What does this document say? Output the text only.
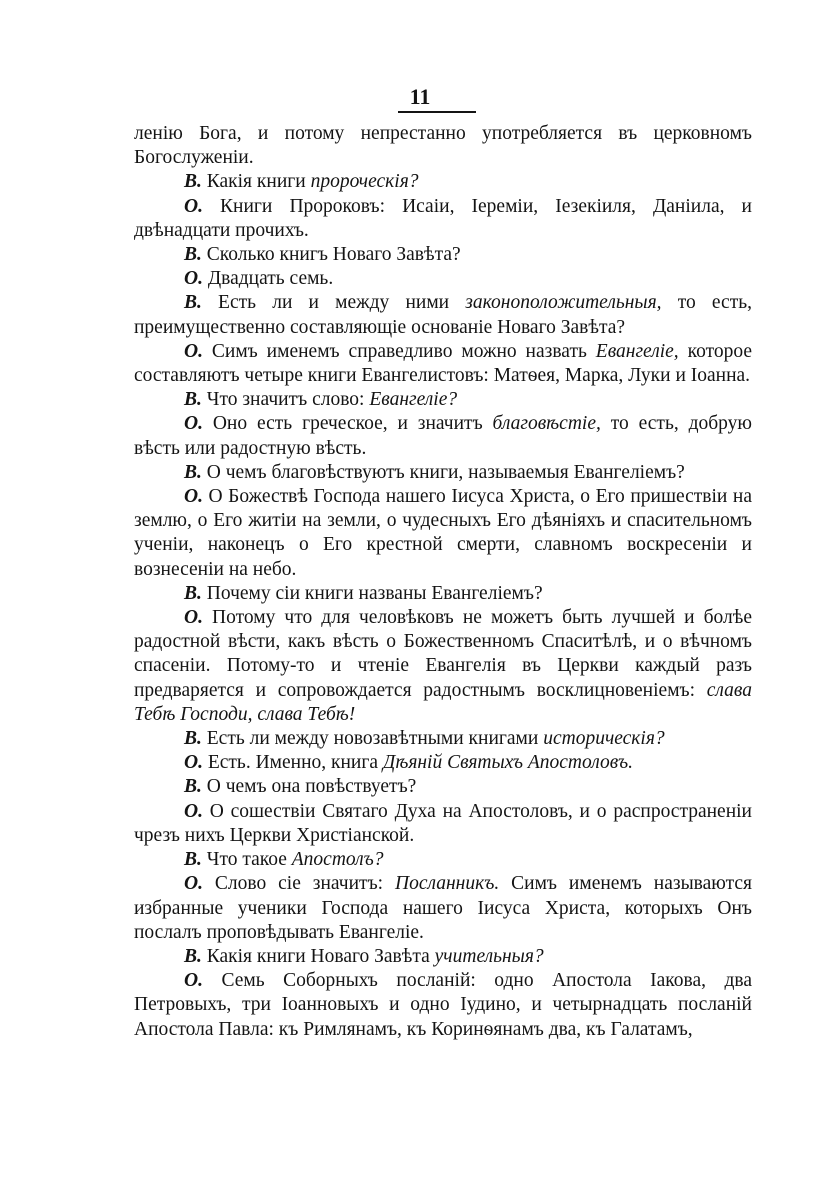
11

ленію Бога, и потому непрестанно употребляется въ церковномъ Богослуженіи.

В. Какія книги пророческія?

О. Книги Пророковъ: Исаіи, Іереміи, Іезекіиля, Даніила, и двѣнадцати прочихъ.

В. Сколько книгъ Новаго Завѣта?

О. Двадцать семь.

В. Есть ли и между ними законоположительныя, то есть, преимущественно составляющіе основаніе Новаго Завѣта?

О. Симъ именемъ справедливо можно назвать Евангеліе, которое составляютъ четыре книги Евангелистовъ: Матѳея, Марка, Луки и Іоанна.

В. Что значитъ слово: Евангеліе?

О. Оно есть греческое, и значитъ благовѣстіе, то есть, добрую вѣсть или радостную вѣсть.

В. О чемъ благовѣствуютъ книги, называемыя Евангеліемъ?

О. О Божествѣ Господа нашего Іисуса Христа, о Его пришествіи на землю, о Его житіи на земли, о чудесныхъ Его дѣяніяхъ и спасительномъ ученіи, наконецъ о Его крестной смерти, славномъ воскресеніи и вознесеніи на небо.

В. Почему сіи книги названы Евангеліемъ?

О. Потому что для человѣковъ не можетъ быть лучшей и болѣе радостной вѣсти, какъ вѣсть о Божественномъ Спаситѣлѣ, и о вѣчномъ спасеніи. Потому-то и чтеніе Евангелія въ Церкви каждый разъ предваряется и сопровождается радостнымъ восклицновеніемъ: слава Тебѣ Господи, слава Тебѣ!

В. Есть ли между новозавѣтными книгами историческія?

О. Есть. Именно, книга Дѣяній Святыхъ Апостоловъ.

В. О чемъ она повѣствуетъ?

О. О сошествіи Святаго Духа на Апостоловъ, и о распространеніи чрезъ нихъ Церкви Христіанской.

В. Что такое Апостолъ?

О. Слово сіе значитъ: Посланникъ. Симъ именемъ называются избранные ученики Господа нашего Іисуса Христа, которыхъ Онъ послалъ проповѣдывать Евангеліе.

В. Какія книги Новаго Завѣта учительныя?

О. Семь Соборныхъ посланій: одно Апостола Іакова, два Петровыхъ, три Іоанновыхъ и одно Іудино, и четырнадцать посланій Апостола Павла: къ Римлянамъ, къ Коринѳянамъ два, къ Галатамъ,
